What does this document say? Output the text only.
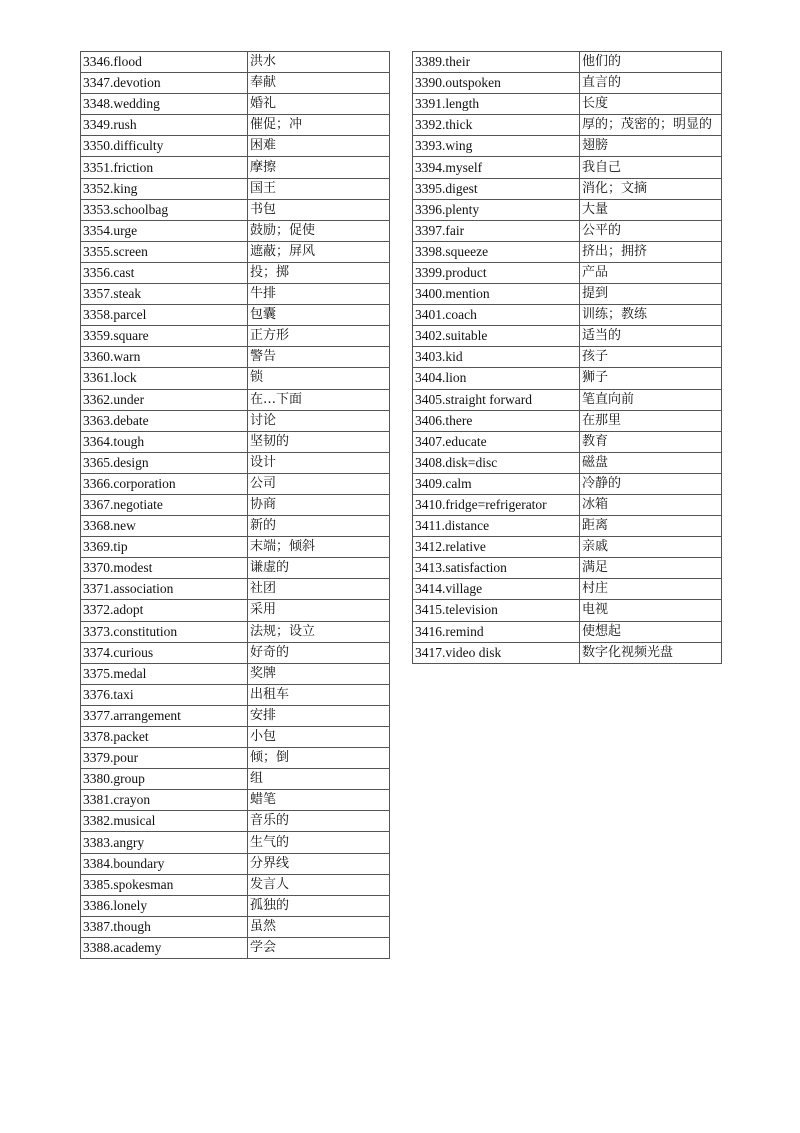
3346.flood	洪水
3347.devotion	奉献
3348.wedding	婚礼
3349.rush	催促；冲
3350.difficulty	困难
3351.friction	摩擦
3352.king	国王
3353.schoolbag	书包
3354.urge	鼓励；促使
3355.screen	遮蔽；屏风
3356.cast	投；掷
3357.steak	牛排
3358.parcel	包囊
3359.square	正方形
3360.warn	警告
3361.lock	锁
3362.under	在…下面
3363.debate	讨论
3364.tough	坚韧的
3365.design	设计
3366.corporation	公司
3367.negotiate	协商
3368.new	新的
3369.tip	末端；倾斜
3370.modest	谦虚的
3371.association	社团
3372.adopt	采用
3373.constitution	法规；设立
3374.curious	好奇的
3375.medal	奖牌
3376.taxi	出租车
3377.arrangement	安排
3378.packet	小包
3379.pour	倾；倒
3380.group	组
3381.crayon	蜡笔
3382.musical	音乐的
3383.angry	生气的
3384.boundary	分界线
3385.spokesman	发言人
3386.lonely	孤独的
3387.though	虽然
3388.academy	学会
3389.their	他们的
3390.outspoken	直言的
3391.length	长度
3392.thick	厚的；茂密的；明显的
3393.wing	翅膀
3394.myself	我自己
3395.digest	消化；文摘
3396.plenty	大量
3397.fair	公平的
3398.squeeze	挤出；拥挤
3399.product	产品
3400.mention	提到
3401.coach	训练；教练
3402.suitable	适当的
3403.kid	孩子
3404.lion	狮子
3405.straight forward	笔直向前
3406.there	在那里
3407.educate	教育
3408.disk=disc	磁盘
3409.calm	冷静的
3410.fridge=refrigerator	冰箱
3411.distance	距离
3412.relative	亲戚
3413.satisfaction	满足
3414.village	村庄
3415.television	电视
3416.remind	使想起
3417.video disk	数字化视频光盘
